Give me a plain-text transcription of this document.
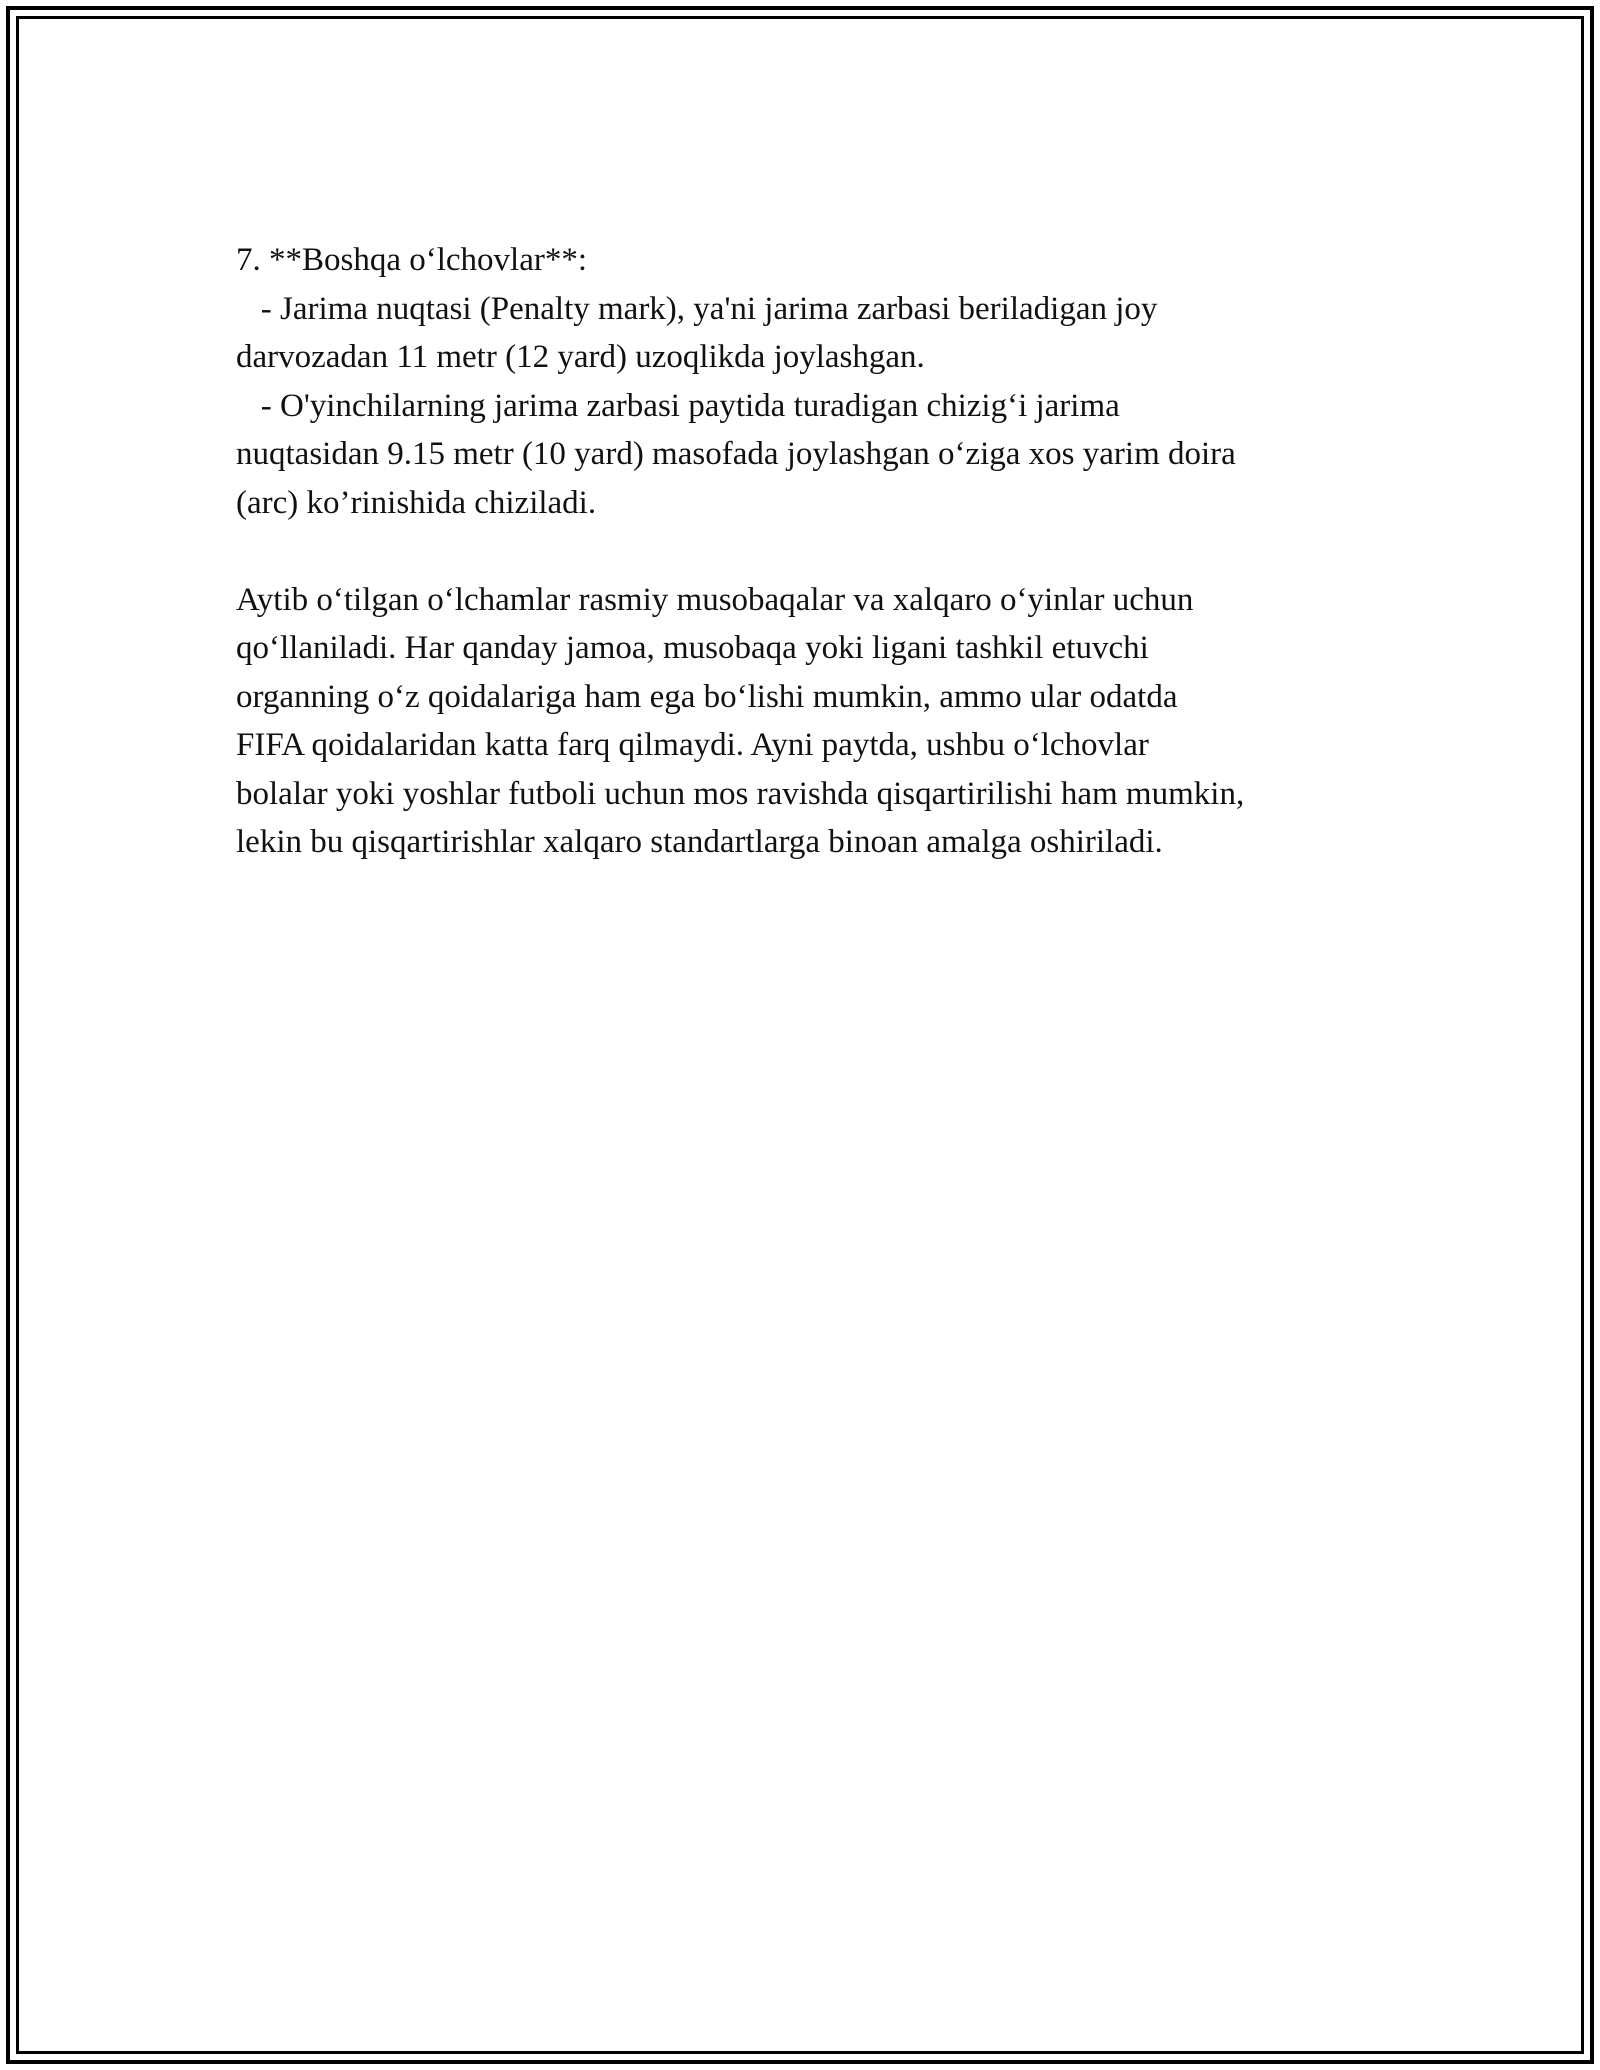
7. **Boshqa o‘lchovlar**:
- Jarima nuqtasi (Penalty mark), ya'ni jarima zarbasi beriladigan joy
darvozadan 11 metr (12 yard) uzoqlikda joylashgan.
- O'yinchilarning jarima zarbasi paytida turadigan chizig‘i jarima
nuqtasidan 9.15 metr (10 yard) masofada joylashgan o‘ziga xos yarim doira
(arc) ko’rinishida chiziladi.
Aytib o‘tilgan o‘lchamlar rasmiy musobaqalar va xalqaro o‘yinlar uchun
qo‘llaniladi. Har qanday jamoa, musobaqa yoki ligani tashkil etuvchi
organning o‘z qoidalariga ham ega bo‘lishi mumkin, ammo ular odatda
FIFA qoidalaridan katta farq qilmaydi. Ayni paytda, ushbu o‘lchovlar
bolalar yoki yoshlar futboli uchun mos ravishda qisqartirilishi ham mumkin,
lekin bu qisqartirishlar xalqaro standartlarga binoan amalga oshiriladi.
